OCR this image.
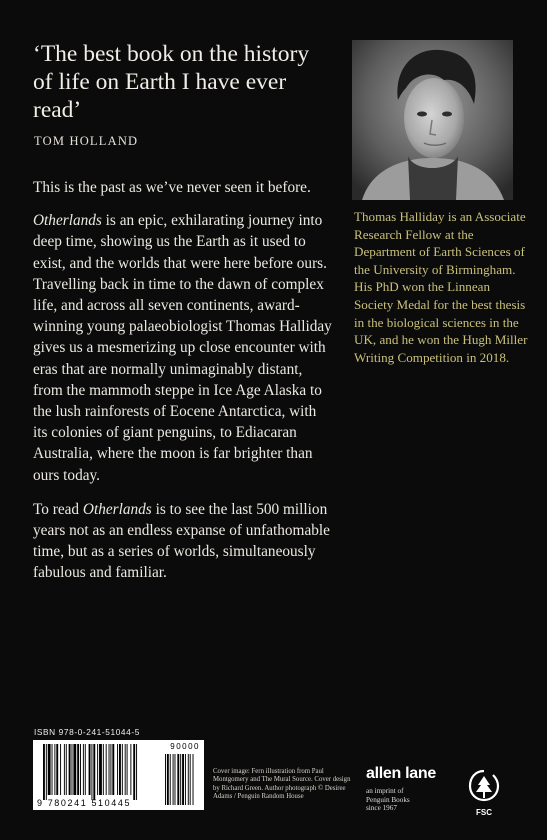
‘The best book on the history of life on Earth I have ever read’
TOM HOLLAND

This is the past as we’ve never seen it before.

Otherlands is an epic, exhilarating journey into deep time, showing us the Earth as it used to exist, and the worlds that were here before ours. Travelling back in time to the dawn of complex life, and across all seven continents, award-winning young palaeobiologist Thomas Halliday gives us a mesmerizing up close encounter with eras that are normally unimaginably distant, from the mammoth steppe in Ice Age Alaska to the lush rainforests of Eocene Antarctica, with its colonies of giant penguins, to Ediacaran Australia, where the moon is far brighter than ours today.

To read Otherlands is to see the last 500 million years not as an endless expanse of unfathomable time, but as a series of worlds, simultaneously fabulous and familiar.

Thomas Halliday is an Associate Research Fellow at the Department of Earth Sciences of the University of Birmingham. His PhD won the Linnean Society Medal for the best thesis in the biological sciences in the UK, and he won the Hugh Miller Writing Competition in 2018.
ISBN 978-0-241-51044-5
9 780241 510445
90000
Cover image: Fern illustration from Paul Montgomery and The Mural Source. Cover design by Richard Green. Author photograph © Desiree Adams / Penguin Random House
allen lane
an imprint of
Penguin Books
since 1967	FSC
